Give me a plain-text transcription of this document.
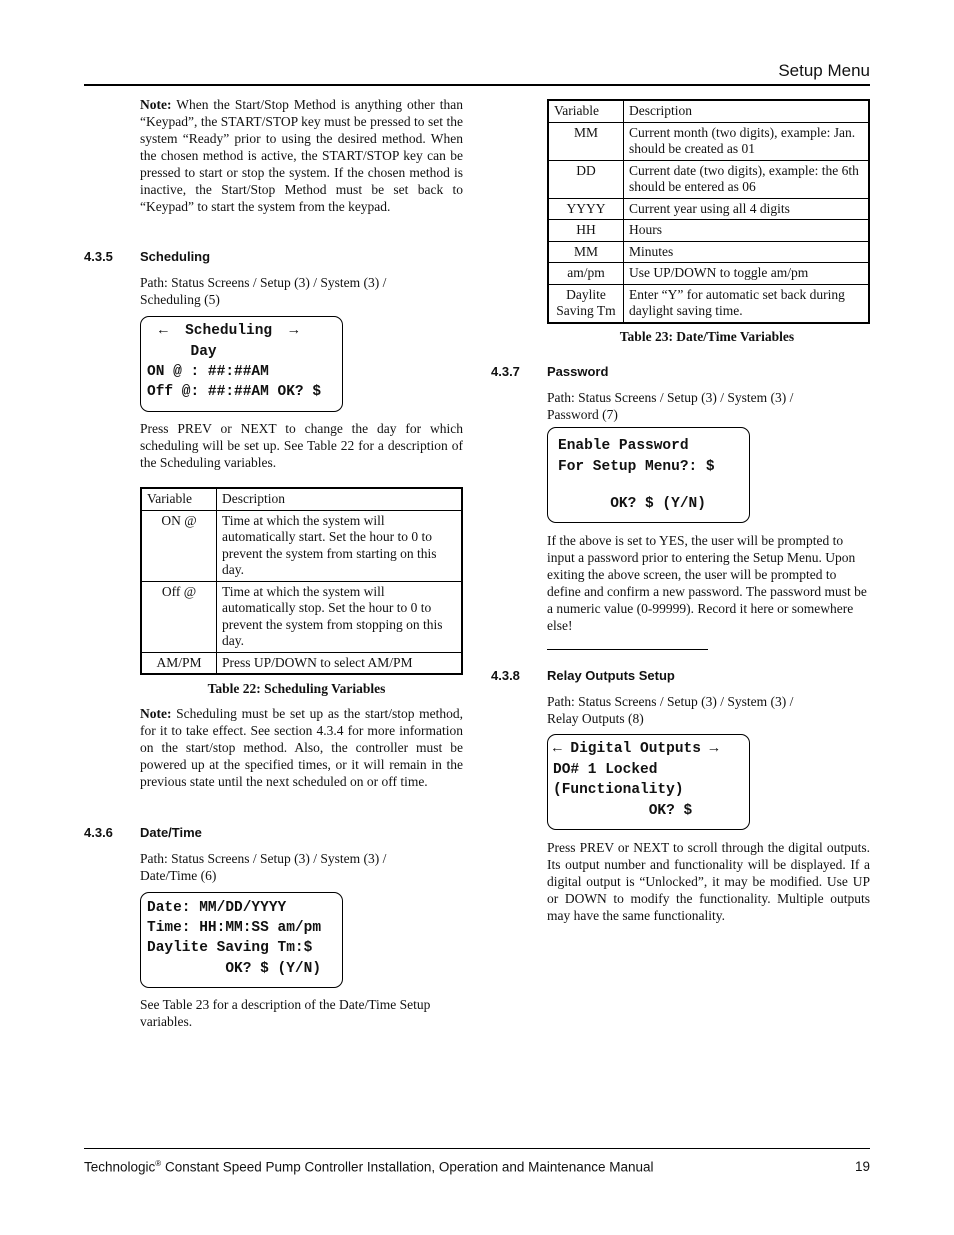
Setup Menu

Note: When the Start/Stop Method is anything other than “Keypad”, the START/STOP key must be pressed to set the system “Ready” prior to using the desired method. When the chosen method is active, the START/STOP key can be pressed to start or stop the system. If the chosen method is inactive, the Start/Stop Method must be set back to “Keypad” to start the system from the keypad.

4.3.5 Scheduling
Path: Status Screens / Setup (3) / System (3) /
Scheduling (5)
←  Scheduling  →
Day
ON @ : ##:##AM
Off @: ##:##AM OK? $

Press PREV or NEXT to change the day for which scheduling will be set up. See Table 22 for a description of the Scheduling variables.

Variable	Description
ON @	Time at which the system will automatically start. Set the hour to 0 to prevent the system from starting on this day.
Off @	Time at which the system will automatically stop. Set the hour to 0 to prevent the system from stopping on this day.
AM/PM	Press UP/DOWN to select AM/PM
Table 22: Scheduling Variables

Note: Scheduling must be set up as the start/stop method, for it to take effect. See section 4.3.4 for more information on the start/stop method. Also, the controller must be powered up at the specified times, or it will remain in the previous state until the next scheduled on or off time.

4.3.6 Date/Time
Path: Status Screens / Setup (3) / System (3) /
Date/Time (6)
Date: MM/DD/YYYY
Time: HH:MM:SS am/pm
Daylite Saving Tm:$
OK? $ (Y/N)

See Table 23 for a description of the Date/Time Setup variables.

Variable	Description
MM	Current month (two digits), example: Jan. should be created as 01
DD	Current date (two digits), example: the 6th should be entered as 06
YYYY	Current year using all 4 digits
HH	Hours
MM	Minutes
am/pm	Use UP/DOWN to toggle am/pm
Daylite Saving Tm	Enter “Y” for automatic set back during daylight saving time.
Table 23: Date/Time Variables
4.3.7 Password
Path: Status Screens / Setup (3) / System (3) /
Password (7)
Enable Password
For Setup Menu?: $
OK? $ (Y/N)

If the above is set to YES, the user will be prompted to input a password prior to entering the Setup Menu. Upon exiting the above screen, the user will be prompted to define and confirm a new password. The password must be a numeric value (0-99999). Record it here or somewhere else!

4.3.8 Relay Outputs Setup
Path: Status Screens / Setup (3) / System (3) /
Relay Outputs (8)
← Digital Outputs →
DO# 1 Locked
(Functionality)
OK? $

Press PREV or NEXT to scroll through the digital outputs. Its output number and functionality will be displayed. If a digital output is “Unlocked”, it may be modified. Use UP or DOWN to modify the functionality. Multiple outputs may have the same functionality.

Technologic® Constant Speed Pump Controller Installation, Operation and Maintenance Manual	19
